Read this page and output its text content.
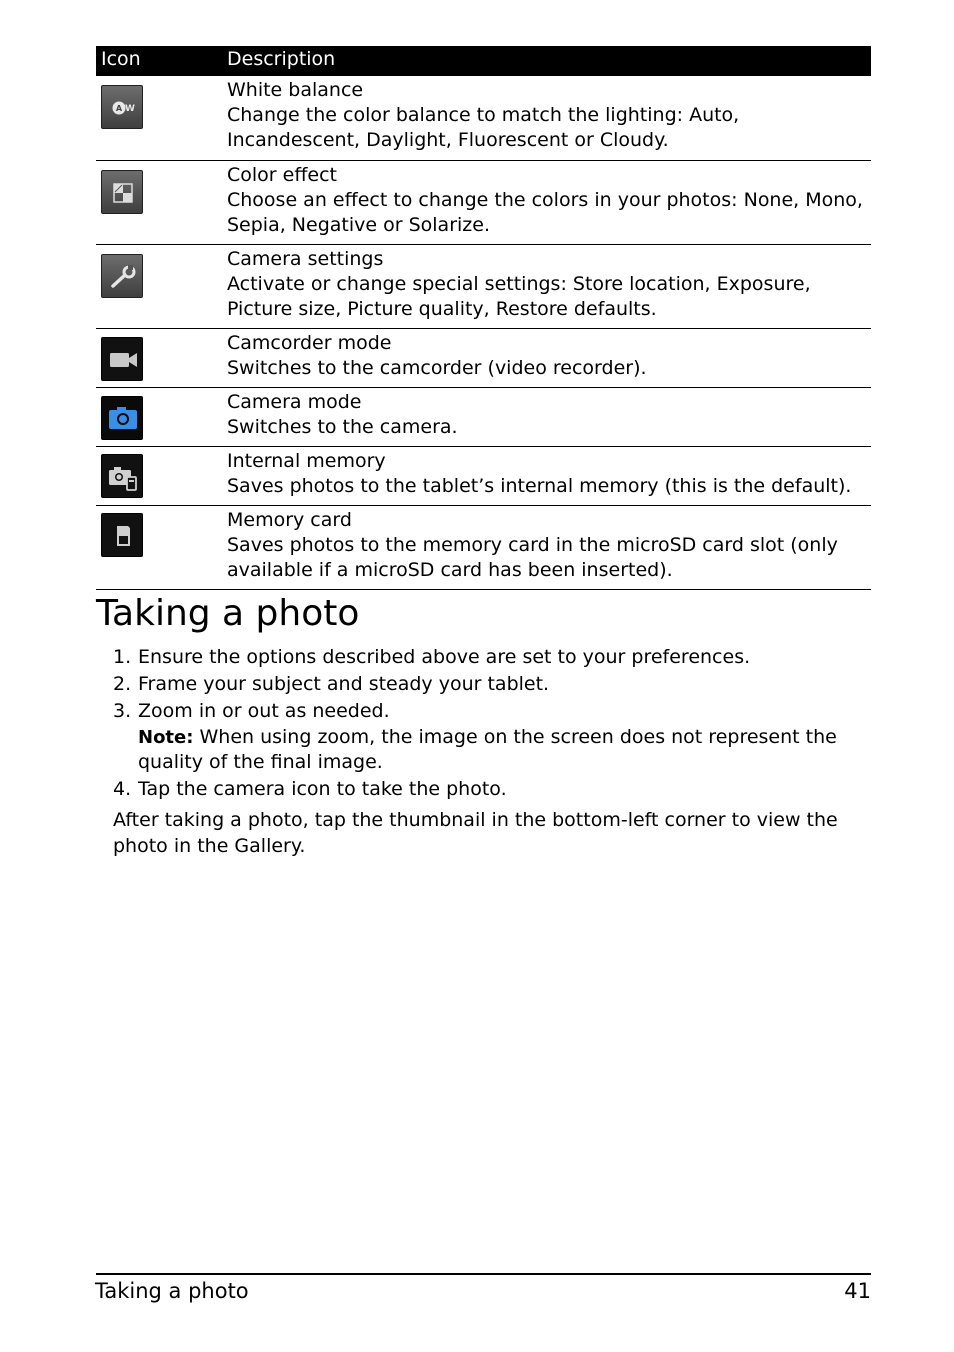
Icon	Description
A W
White balance
Change the color balance to match the lighting: Auto,
Incandescent, Daylight, Fluorescent or Cloudy.
Color effect
Choose an effect to change the colors in your photos: None, Mono,
Sepia, Negative or Solarize.
Camera settings
Activate or change special settings: Store location, Exposure,
Picture size, Picture quality, Restore defaults.
Camcorder mode
Switches to the camcorder (video recorder).
Camera mode
Switches to the camera.
Internal memory
Saves photos to the tablet’s internal memory (this is the default).
Memory card
Saves photos to the memory card in the microSD card slot (only
available if a microSD card has been inserted).
Taking a photo
1. Ensure the options described above are set to your preferences.
2. Frame your subject and steady your tablet.
3. Zoom in or out as needed.
Note: When using zoom, the image on the screen does not represent the
quality of the final image.
4. Tap the camera icon to take the photo.
After taking a photo, tap the thumbnail in the bottom-left corner to view the
photo in the Gallery.
Taking a photo	41
